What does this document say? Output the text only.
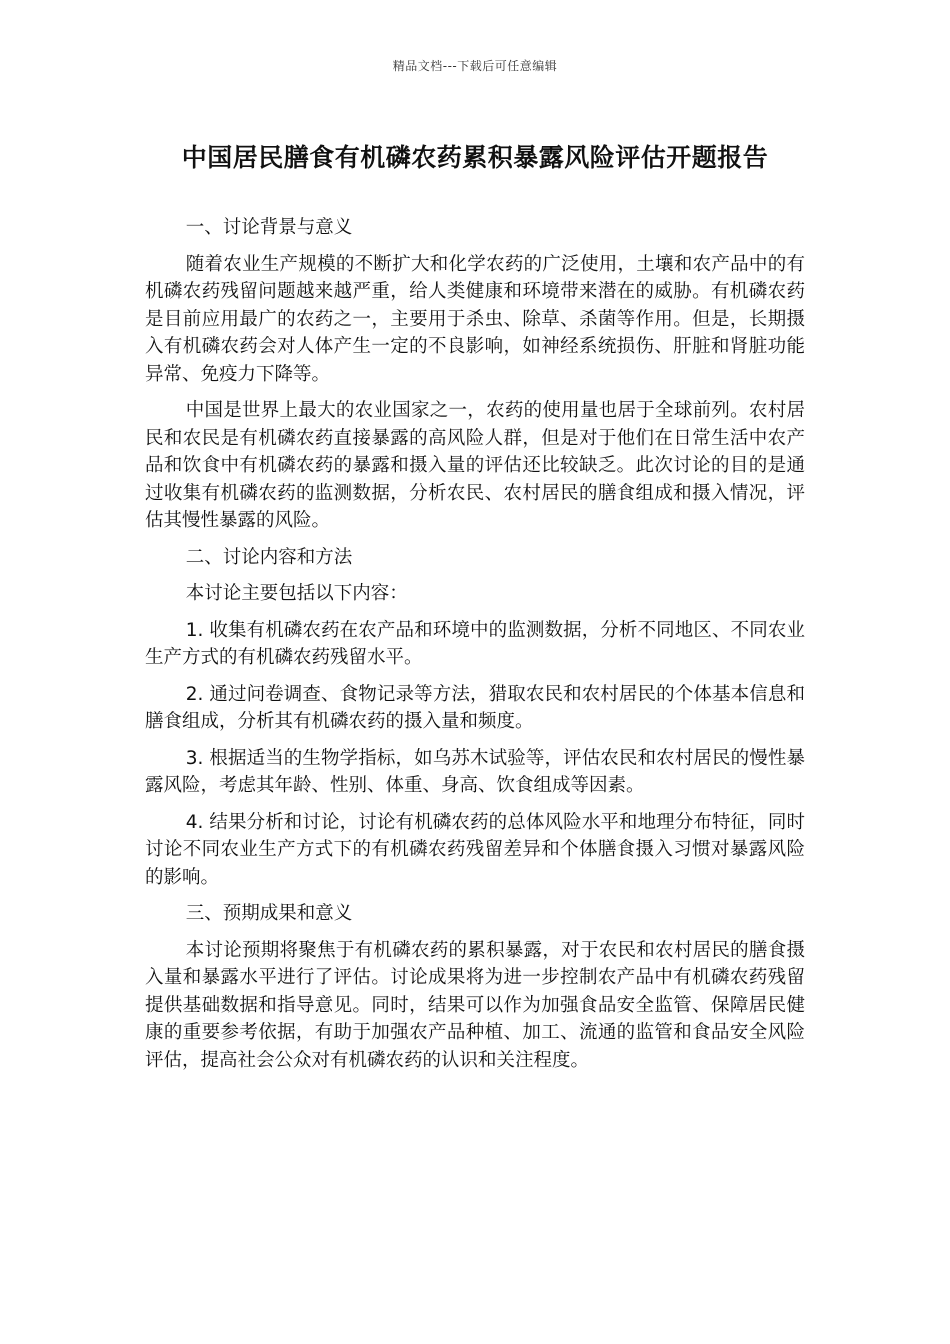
精品文档---下载后可任意编辑
中国居民膳食有机磷农药累积暴露风险评估开题报告

一、讨论背景与意义

随着农业生产规模的不断扩大和化学农药的广泛使用，土壤和农产品中的有机磷农药残留问题越来越严重，给人类健康和环境带来潜在的威胁。有机磷农药是目前应用最广的农药之一，主要用于杀虫、除草、杀菌等作用。但是，长期摄入有机磷农药会对人体产生一定的不良影响，如神经系统损伤、肝脏和肾脏功能异常、免疫力下降等。

中国是世界上最大的农业国家之一，农药的使用量也居于全球前列。农村居民和农民是有机磷农药直接暴露的高风险人群，但是对于他们在日常生活中农产品和饮食中有机磷农药的暴露和摄入量的评估还比较缺乏。此次讨论的目的是通过收集有机磷农药的监测数据，分析农民、农村居民的膳食组成和摄入情况，评估其慢性暴露的风险。

二、讨论内容和方法

本讨论主要包括以下内容：

1. 收集有机磷农药在农产品和环境中的监测数据，分析不同地区、不同农业生产方式的有机磷农药残留水平。

2. 通过问卷调查、食物记录等方法，猎取农民和农村居民的个体基本信息和膳食组成，分析其有机磷农药的摄入量和频度。

3. 根据适当的生物学指标，如乌苏木试验等，评估农民和农村居民的慢性暴露风险，考虑其年龄、性别、体重、身高、饮食组成等因素。

4. 结果分析和讨论，讨论有机磷农药的总体风险水平和地理分布特征，同时讨论不同农业生产方式下的有机磷农药残留差异和个体膳食摄入习惯对暴露风险的影响。

三、预期成果和意义

本讨论预期将聚焦于有机磷农药的累积暴露，对于农民和农村居民的膳食摄入量和暴露水平进行了评估。讨论成果将为进一步控制农产品中有机磷农药残留提供基础数据和指导意见。同时，结果可以作为加强食品安全监管、保障居民健康的重要参考依据，有助于加强农产品种植、加工、流通的监管和食品安全风险评估，提高社会公众对有机磷农药的认识和关注程度。
